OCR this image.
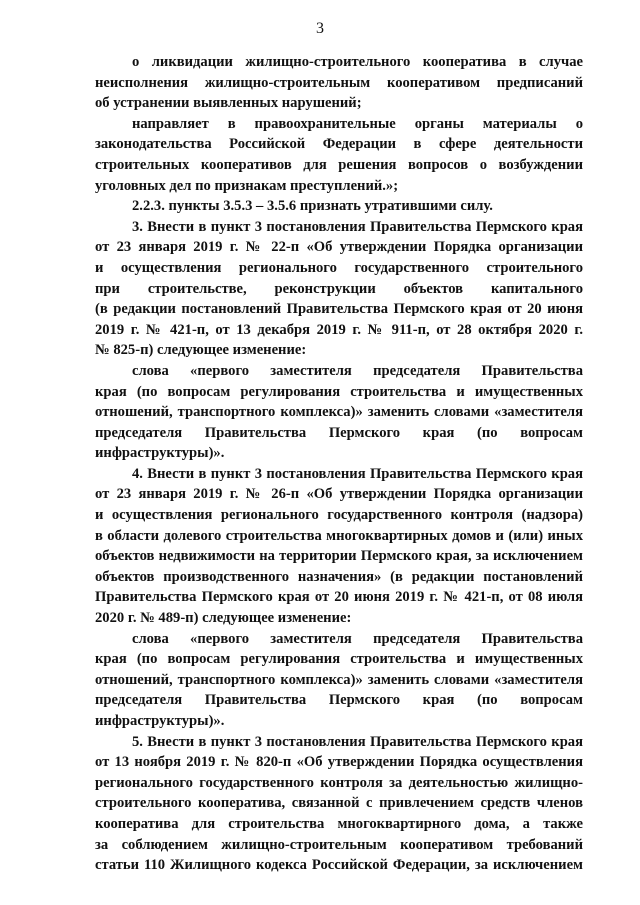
3
о ликвидации жилищно-строительного кооператива в случае
неисполнения жилищно-строительным кооперативом предписаний
об устранении выявленных нарушений;
направляет в правоохранительные органы материалы о
законодательства Российской Федерации в сфере деятельности
строительных кооперативов для решения вопросов о возбуждении
уголовных дел по признакам преступлений.»;
2.2.3. пункты 3.5.3 – 3.5.6 признать утратившими силу.
3. Внести в пункт 3 постановления Правительства Пермского края
от 23 января 2019 г. № 22-п «Об утверждении Порядка организации
и осуществления регионального государственного строительного
при строительстве, реконструкции объектов капитального
(в редакции постановлений Правительства Пермского края от 20 июня
2019 г. № 421-п, от 13 декабря 2019 г. № 911-п, от 28 октября 2020 г.
№ 825-п) следующее изменение:
слова «первого заместителя председателя Правительства
края (по вопросам регулирования строительства и имущественных
отношений, транспортного комплекса)» заменить словами «заместителя
председателя Правительства Пермского края (по вопросам
инфраструктуры)».
4. Внести в пункт 3 постановления Правительства Пермского края
от 23 января 2019 г. № 26-п «Об утверждении Порядка организации
и осуществления регионального государственного контроля (надзора)
в области долевого строительства многоквартирных домов и (или) иных
объектов недвижимости на территории Пермского края, за исключением
объектов производственного назначения» (в редакции постановлений
Правительства Пермского края от 20 июня 2019 г. № 421-п, от 08 июля
2020 г. № 489-п) следующее изменение:
слова «первого заместителя председателя Правительства
края (по вопросам регулирования строительства и имущественных
отношений, транспортного комплекса)» заменить словами «заместителя
председателя Правительства Пермского края (по вопросам
инфраструктуры)».
5. Внести в пункт 3 постановления Правительства Пермского края
от 13 ноября 2019 г. № 820-п «Об утверждении Порядка осуществления
регионального государственного контроля за деятельностью жилищно-
строительного кооператива, связанной с привлечением средств членов
кооператива для строительства многоквартирного дома, а также
за соблюдением жилищно-строительным кооперативом требований
статьи 110 Жилищного кодекса Российской Федерации, за исключением
